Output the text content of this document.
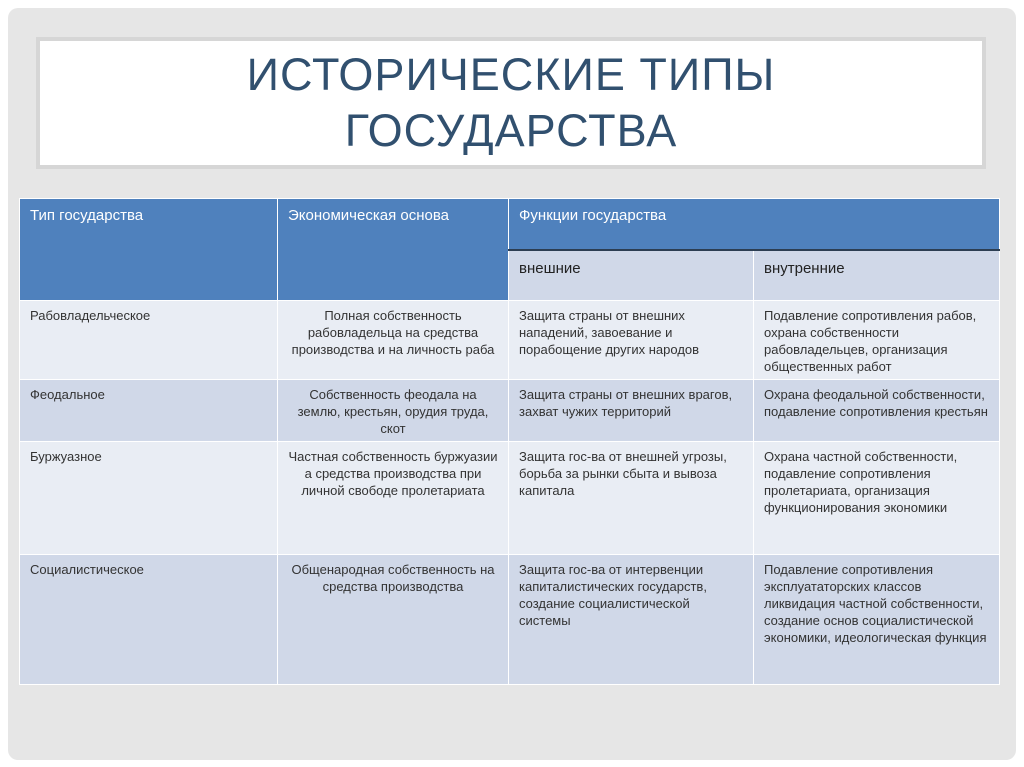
ИСТОРИЧЕСКИЕ ТИПЫ
ГОСУДАРСТВА
Тип государства	Экономическая основа	Функции государства	
		внешние	внутренние
Рабовладельческое	Полная собственность рабовладельца на средства производства и на личность раба	Защита страны от внешних нападений, завоевание и порабощение других народов	Подавление сопротивления рабов, охрана собственности рабовладельцев, организация общественных работ
Феодальное	Собственность феодала на землю, крестьян, орудия труда, скот	Защита страны от внешних врагов, захват чужих территорий	Охрана феодальной собственности, подавление сопротивления крестьян
Буржуазное	Частная собственность буржуазии а средства производства при личной свободе пролетариата	Защита гос-ва от внешней угрозы, борьба за рынки сбыта и вывоза капитала	Охрана частной собственности, подавление сопротивления пролетариата, организация функционирования экономики
Социалистическое	Общенародная собственность на средства производства	Защита гос-ва от интервенции капиталистических государств, создание социалистической системы	Подавление сопротивления эксплуататорских классов ликвидация частной собственности, создание основ социалистической экономики, идеологическая функция
